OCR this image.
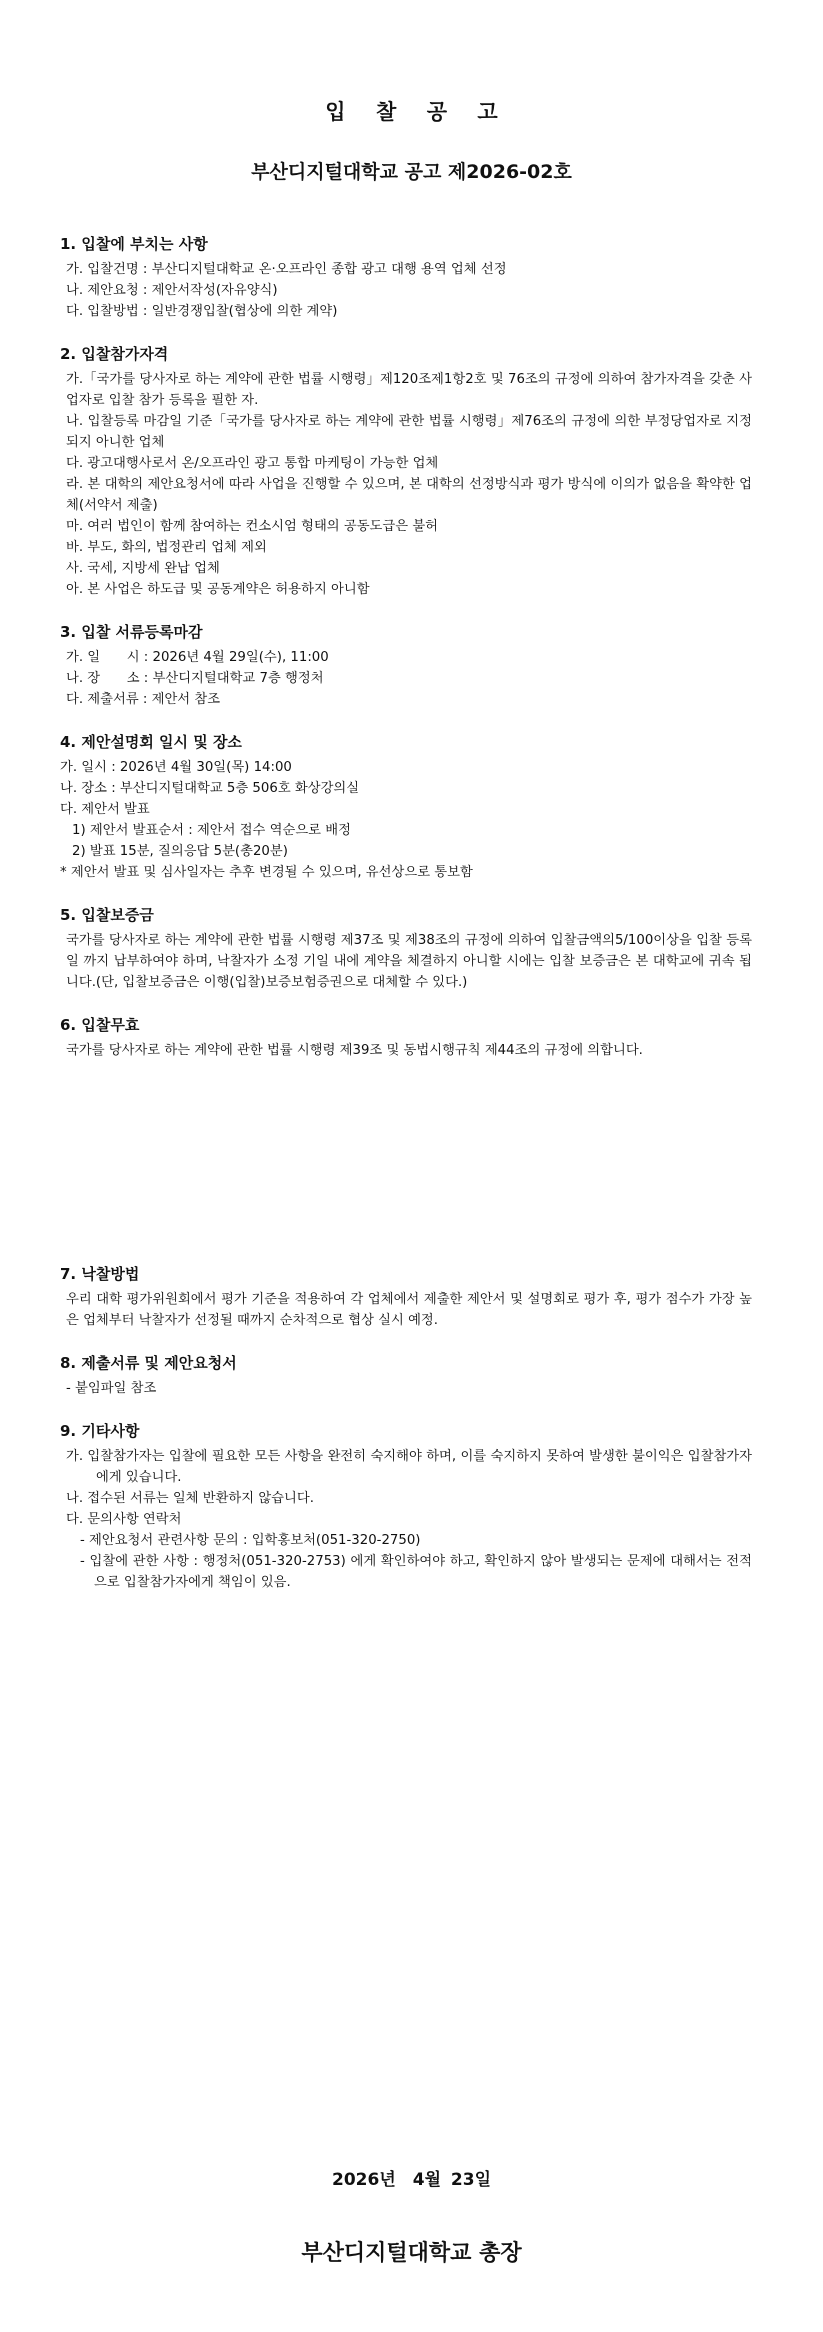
입 찰 공 고
부산디지털대학교 공고 제2026-02호
1. 입찰에 부치는 사항

가. 입찰건명 : 부산디지털대학교 온·오프라인 종합 광고 대행 용역 업체 선정

나. 제안요청 : 제안서작성(자유양식)

다. 입찰방법 : 일반경쟁입찰(협상에 의한 계약)

2. 입찰참가자격

가.「국가를 당사자로 하는 계약에 관한 법률 시행령」제120조제1항2호 및 76조의 규정에 의하여 참가자격을 갖춘 사업자로 입찰 참가 등록을 필한 자.

나. 입찰등록 마감일 기준「국가를 당사자로 하는 계약에 관한 법률 시행령」제76조의 규정에 의한 부정당업자로 지정되지 아니한 업체

다. 광고대행사로서 온/오프라인 광고 통합 마케팅이 가능한 업체

라. 본 대학의 제안요청서에 따라 사업을 진행할 수 있으며, 본 대학의 선정방식과 평가 방식에 이의가 없음을 확약한 업체(서약서 제출)

마. 여러 법인이 함께 참여하는 컨소시엄 형태의 공동도급은 불허

바. 부도, 화의, 법정관리 업체 제외

사. 국세, 지방세 완납 업체

아. 본 사업은 하도급 및 공동계약은 허용하지 아니함

3. 입찰 서류등록마감

가. 일　　시 : 2026년 4월 29일(수), 11:00

나. 장　　소 : 부산디지털대학교 7층 행정처

다. 제출서류 : 제안서 참조

4. 제안설명회 일시 및 장소

가. 일시 : 2026년 4월 30일(목) 14:00

나. 장소 : 부산디지털대학교 5층 506호 화상강의실

다. 제안서 발표

1) 제안서 발표순서 : 제안서 접수 역순으로 배정

2) 발표 15분, 질의응답 5분(총20분)

* 제안서 발표 및 심사일자는 추후 변경될 수 있으며, 유선상으로 통보함

5. 입찰보증금

국가를 당사자로 하는 계약에 관한 법률 시행령 제37조 및 제38조의 규정에 의하여 입찰금액의5/100이상을 입찰 등록일 까지 납부하여야 하며, 낙찰자가 소정 기일 내에 계약을 체결하지 아니할 시에는 입찰 보증금은 본 대학교에 귀속 됩니다.(단, 입찰보증금은 이행(입찰)보증보험증권으로 대체할 수 있다.)

6. 입찰무효

국가를 당사자로 하는 계약에 관한 법률 시행령 제39조 및 동법시행규칙 제44조의 규정에 의합니다.

7. 낙찰방법

우리 대학 평가위원회에서 평가 기준을 적용하여 각 업체에서 제출한 제안서 및 설명회로 평가 후, 평가 점수가 가장 높은 업체부터 낙찰자가 선정될 때까지 순차적으로 협상 실시 예정.

8. 제출서류 및 제안요청서

- 붙임파일 참조

9. 기타사항

가. 입찰참가자는 입찰에 필요한 모든 사항을 완전히 숙지해야 하며, 이를 숙지하지 못하여 발생한 불이익은 입찰참가자에게 있습니다.

나. 접수된 서류는 일체 반환하지 않습니다.

다. 문의사항 연락처

- 제안요청서 관련사항 문의 : 입학홍보처(051-320-2750)

- 입찰에 관한 사항 : 행정처(051-320-2753) 에게 확인하여야 하고, 확인하지 않아 발생되는 문제에 대해서는 전적으로 입찰참가자에게 책임이 있음.

2026년　4월 23일
부산디지털대학교 총장
